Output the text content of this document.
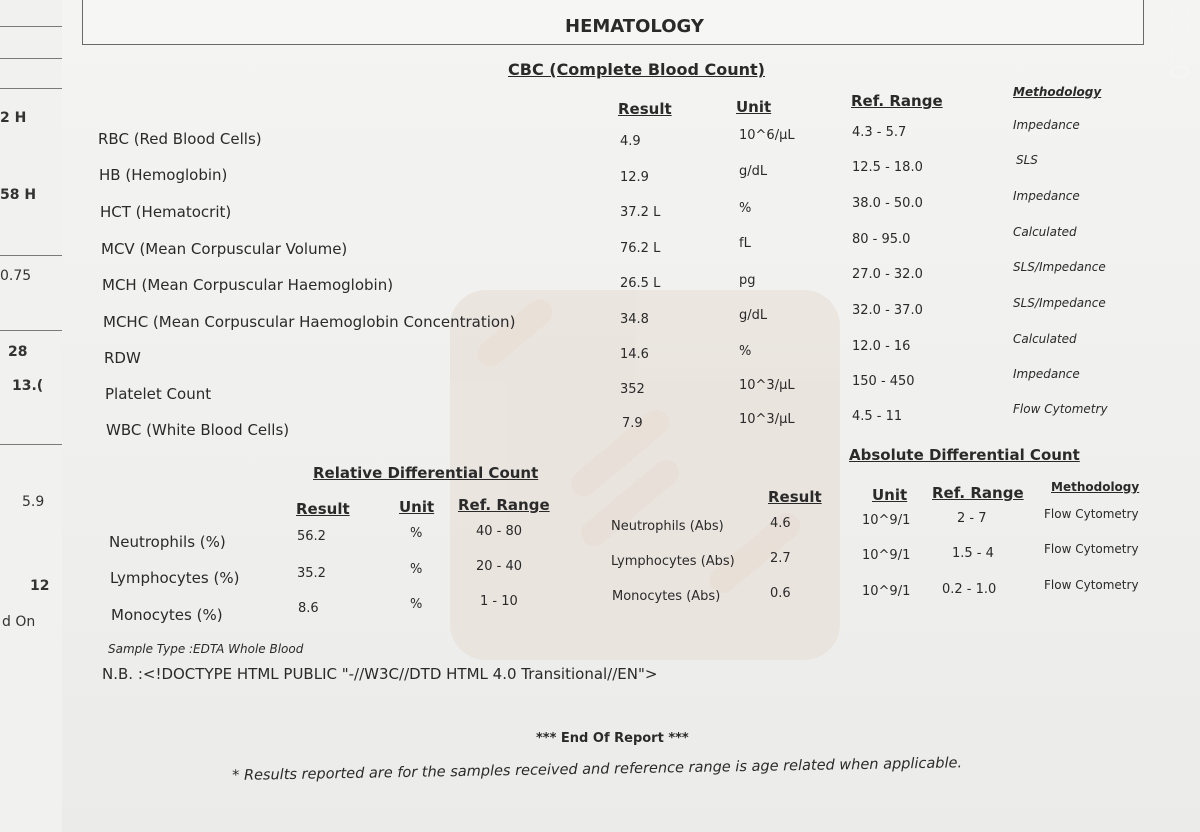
2 H
58 H
0.75
28
13.(
5.9
12
d On
HEMATOLOGY
CBC (Complete Blood Count)	07/22
Result	Unit	Ref. Range	Methodology
RBC (Red Blood Cells)	4.9	10^6/µL	4.3 - 5.7	Impedance
HB (Hemoglobin)	12.9	g/dL	12.5 - 18.0	SLS
HCT (Hematocrit)	37.2 L	%	38.0 - 50.0	Impedance
MCV (Mean Corpuscular Volume)	76.2 L	fL	80 - 95.0	Calculated
MCH (Mean Corpuscular Haemoglobin)	26.5 L	pg	27.0 - 32.0	SLS/Impedance
MCHC (Mean Corpuscular Haemoglobin Concentration)	34.8	g/dL	32.0 - 37.0	SLS/Impedance
RDW	14.6	%	12.0 - 16	Calculated
Platelet Count	352	10^3/µL	150 - 450	Impedance
WBC (White Blood Cells)	7.9	10^3/µL	4.5 - 11	Flow Cytometry
Relative Differential Count
Result	Unit Ref. Range
Neutrophils (%)	56.2	%	40 - 80
Lymphocytes (%)	35.2	%	20 - 40
Monocytes (%)	8.6	%	1 - 10
Absolute Differential Count
Result	Unit Ref. Range Methodology
Neutrophils (Abs)	4.6	10^9/1	2 - 7	Flow Cytometry
Lymphocytes (Abs)	2.7	10^9/1	1.5 - 4	Flow Cytometry
Monocytes (Abs)	0.6	10^9/1 0.2 - 1.0	Flow Cytometry
Sample Type :EDTA Whole Blood
N.B. :<!DOCTYPE HTML PUBLIC "-//W3C//DTD HTML 4.0 Transitional//EN">
*** End Of Report ***
* Results reported are for the samples received and reference range is age related when applicable.
